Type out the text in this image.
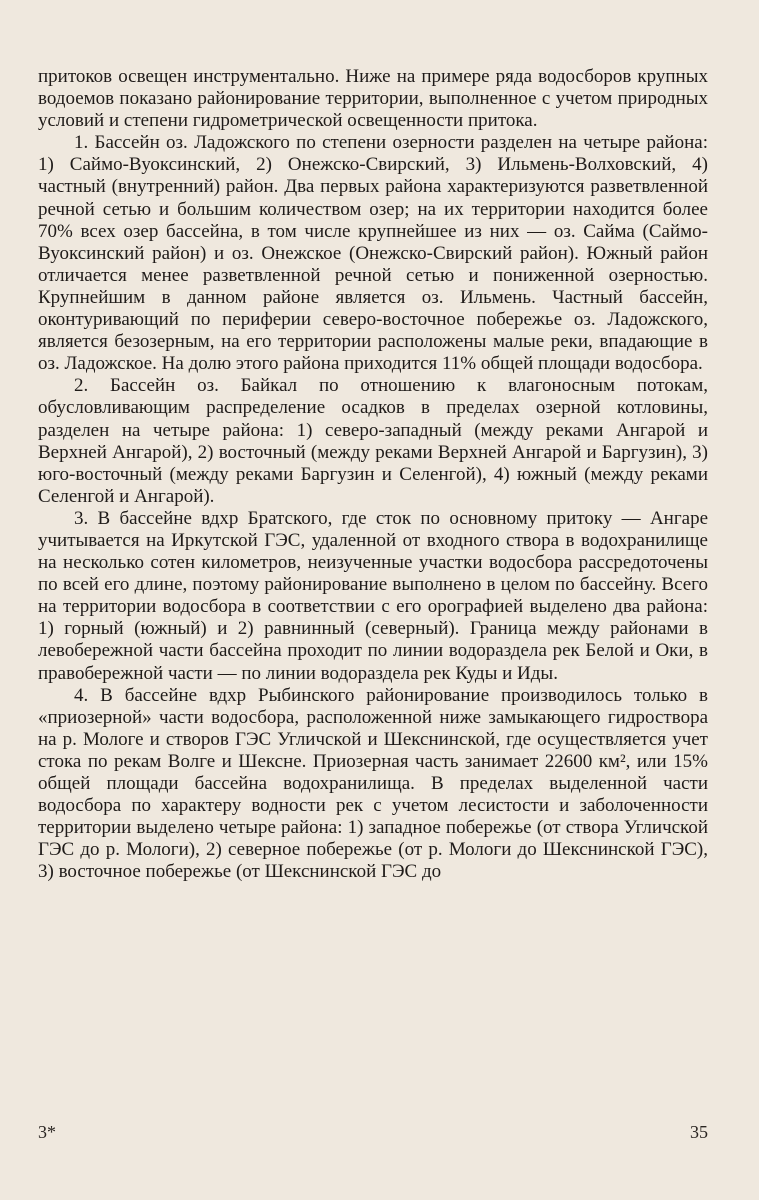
притоков освещен инструментально. Ниже на примере ряда водосборов крупных водоемов показано районирование территории, выполненное с учетом природных условий и степени гидрометрической освещенности притока.

1. Бассейн оз. Ладожского по степени озерности разделен на четыре района: 1) Саймо-Вуоксинский, 2) Онежско-Свирский, 3) Ильмень-Волховский, 4) частный (внутренний) район. Два первых района характеризуются разветвленной речной сетью и большим количеством озер; на их территории находится более 70% всех озер бассейна, в том числе крупнейшее из них — оз. Сайма (Саймо-Вуоксинский район) и оз. Онежское (Онежско-Свирский район). Южный район отличается менее разветвленной речной сетью и пониженной озерностью. Крупнейшим в данном районе является оз. Ильмень. Частный бассейн, оконтуривающий по периферии северо-восточное побережье оз. Ладожского, является безозерным, на его территории расположены малые реки, впадающие в оз. Ладожское. На долю этого района приходится 11% общей площади водосбора.

2. Бассейн оз. Байкал по отношению к влагоносным потокам, обусловливающим распределение осадков в пределах озерной котловины, разделен на четыре района: 1) северо-западный (между реками Ангарой и Верхней Ангарой), 2) восточный (между реками Верхней Ангарой и Баргузин), 3) юго-восточный (между реками Баргузин и Селенгой), 4) южный (между реками Селенгой и Ангарой).

3. В бассейне вдхр Братского, где сток по основному притоку — Ангаре учитывается на Иркутской ГЭС, удаленной от входного створа в водохранилище на несколько сотен километров, неизученные участки водосбора рассредоточены по всей его длине, поэтому районирование выполнено в целом по бассейну. Всего на территории водосбора в соответствии с его орографией выделено два района: 1) горный (южный) и 2) равнинный (северный). Граница между районами в левобережной части бассейна проходит по линии водораздела рек Белой и Оки, в правобережной части — по линии водораздела рек Куды и Иды.

4. В бассейне вдхр Рыбинского районирование производилось только в «приозерной» части водосбора, расположенной ниже замыкающего гидроствора на р. Мологе и створов ГЭС Угличской и Шекснинской, где осуществляется учет стока по рекам Волге и Шексне. Приозерная часть занимает 22600 км², или 15% общей площади бассейна водохранилища. В пределах выделенной части водосбора по характеру водности рек с учетом лесистости и заболоченности территории выделено четыре района: 1) западное побережье (от створа Угличской ГЭС до р. Мологи), 2) северное побережье (от р. Мологи до Шекснинской ГЭС), 3) восточное побережье (от Шекснинской ГЭС до

3*	35
